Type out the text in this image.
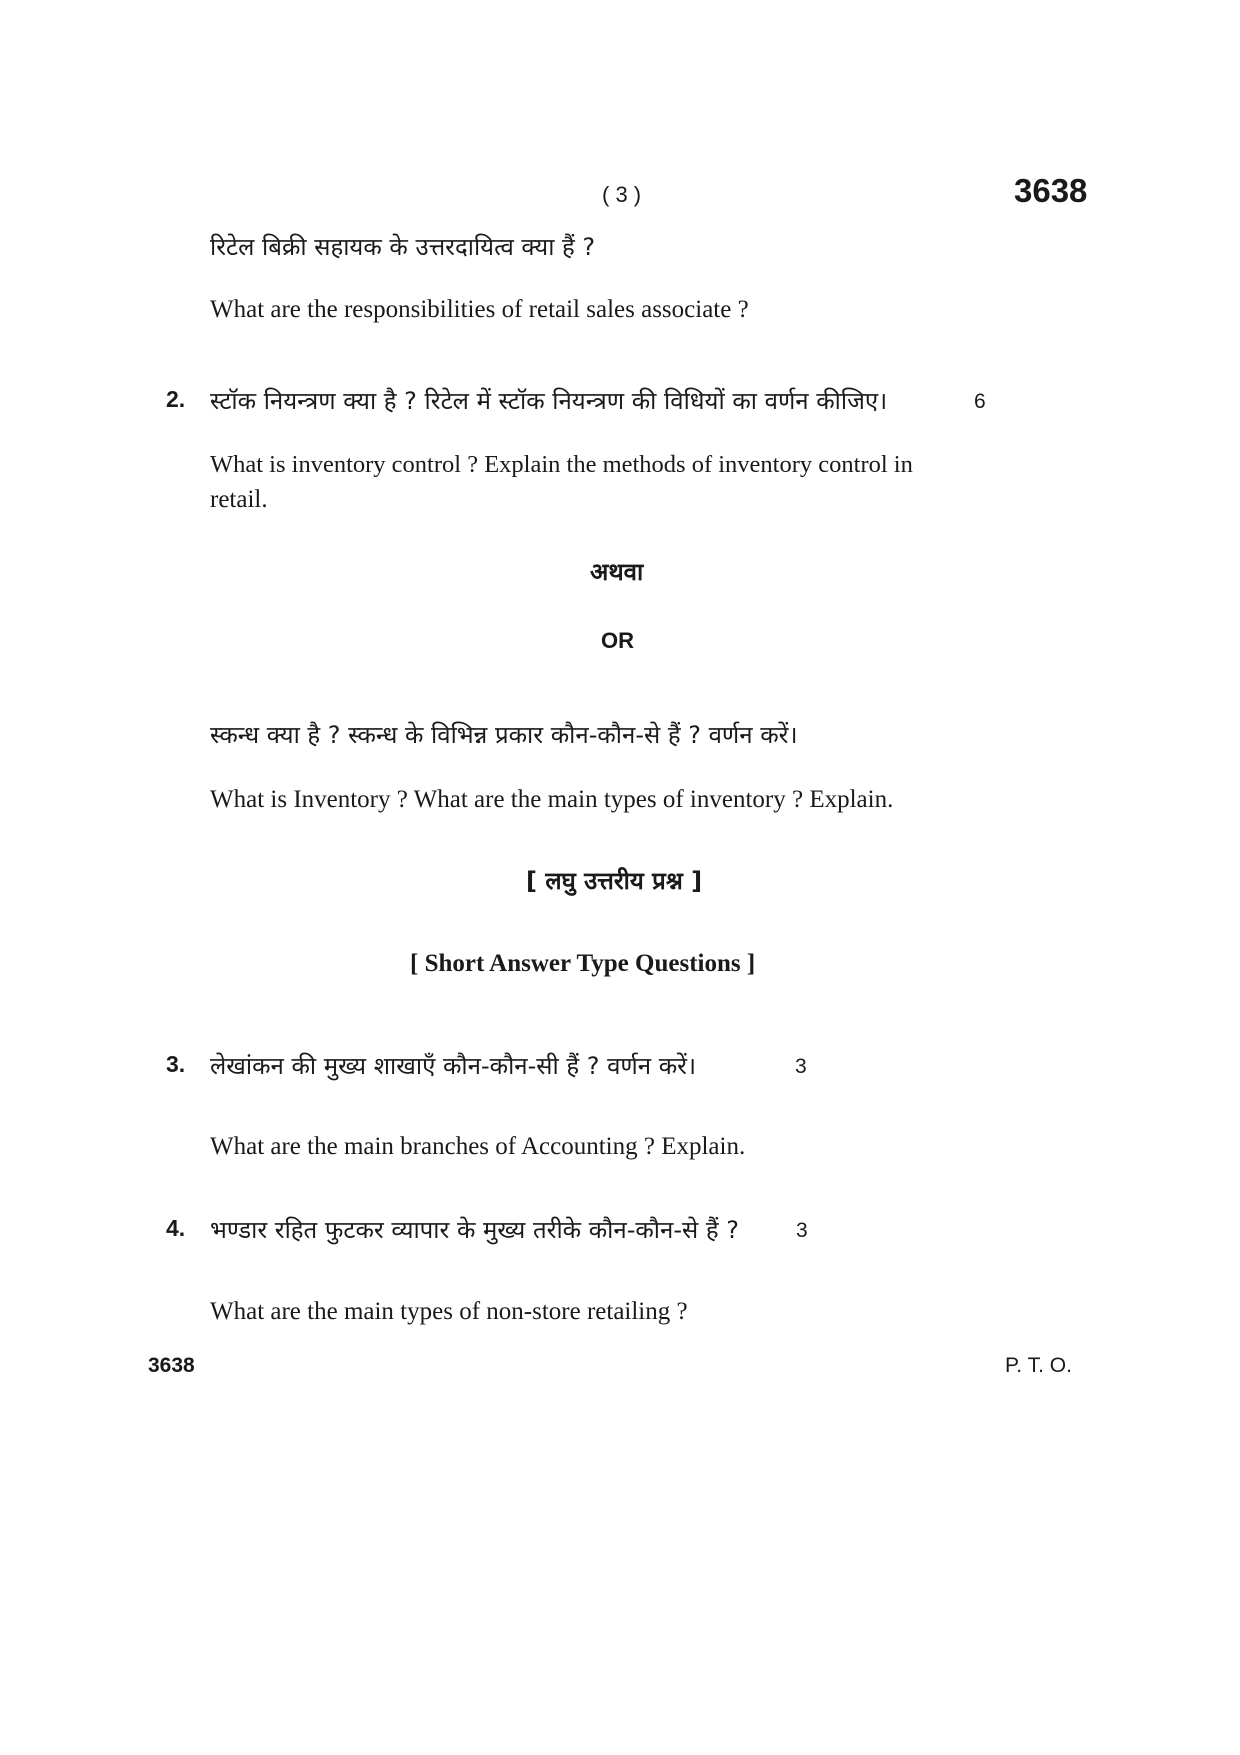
( 3 )	3638
रिटेल बिक्री सहायक के उत्तरदायित्व क्या हैं ?
What are the responsibilities of retail sales associate ?
2. स्टॉक नियन्त्रण क्या है ? रिटेल में स्टॉक नियन्त्रण की विधियों का वर्णन कीजिए।	6
What is inventory control ? Explain the methods of inventory control in
retail.
अथवा
OR
स्कन्ध क्या है ? स्कन्ध के विभिन्न प्रकार कौन-कौन-से हैं ? वर्णन करें।
What is Inventory ? What are the main types of inventory ? Explain.
[ लघु उत्तरीय प्रश्न ]
[ Short Answer Type Questions ]
3. लेखांकन की मुख्य शाखाएँ कौन-कौन-सी हैं ? वर्णन करें।	3
What are the main branches of Accounting ? Explain.
4. भण्डार रहित फुटकर व्यापार के मुख्य तरीके कौन-कौन-से हैं ?	3
What are the main types of non-store retailing ?
3638	P. T. O.
